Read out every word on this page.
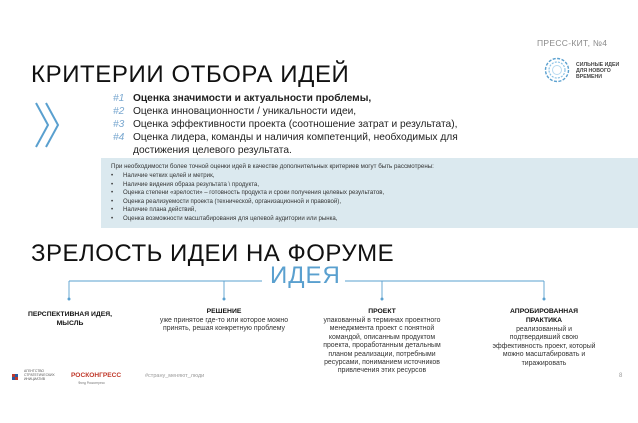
ПРЕСС-КИТ, №4
СИЛЬНЫЕ ИДЕИ ДЛЯ НОВОГО ВРЕМЕНИ
КРИТЕРИИ ОТБОРА ИДЕЙ
#1 Оценка значимости и актуальности проблемы,
#2 Оценка инновационности / уникальности идеи,
#3 Оценка эффективности проекта (соотношение затрат и результата),
#4 Оценка лидера, команды и наличия компетенций, необходимых для
достижения целевого результата.
При необходимости более точной оценки идей в качестве дополнительных критериев могут быть рассмотрены:
• Наличие четких целей и метрик,
• Наличие видения образа результата \ продукта,
• Оценка степени «зрелости» – готовность продукта и сроки получения целевых результатов,
• Оценка реализуемости проекта (технической, организационной и правовой),
• Наличие плана действий,
• Оценка возможности масштабирования для целевой аудитории или рынка,
ЗРЕЛОСТЬ ИДЕИ НА ФОРУМЕ
ИДЕЯ
ПЕРСПЕКТИВНАЯ ИДЕЯ, МЫСЛЬ
РЕШЕНИЕ
уже принятое где-то или которое можно принять, решая конкретную проблему
ПРОЕКТ
упакованный в терминах проектного менеджмента проект с понятной командой, описанным продуктом проекта, проработанным детальным планом реализации, потребными ресурсами, пониманием источников привлечения этих ресурсов
АПРОБИРОВАННАЯ ПРАКТИКА
реализованный и подтвердивший свою эффективность проект, который можно масштабировать и тиражировать
АГЕНТСТВО СТРАТЕГИЧЕСКИХ ИНИЦИАТИВ	РОСКОНГРЕСС
Фонд Росконгресс
#страну_меняют_люди	8
